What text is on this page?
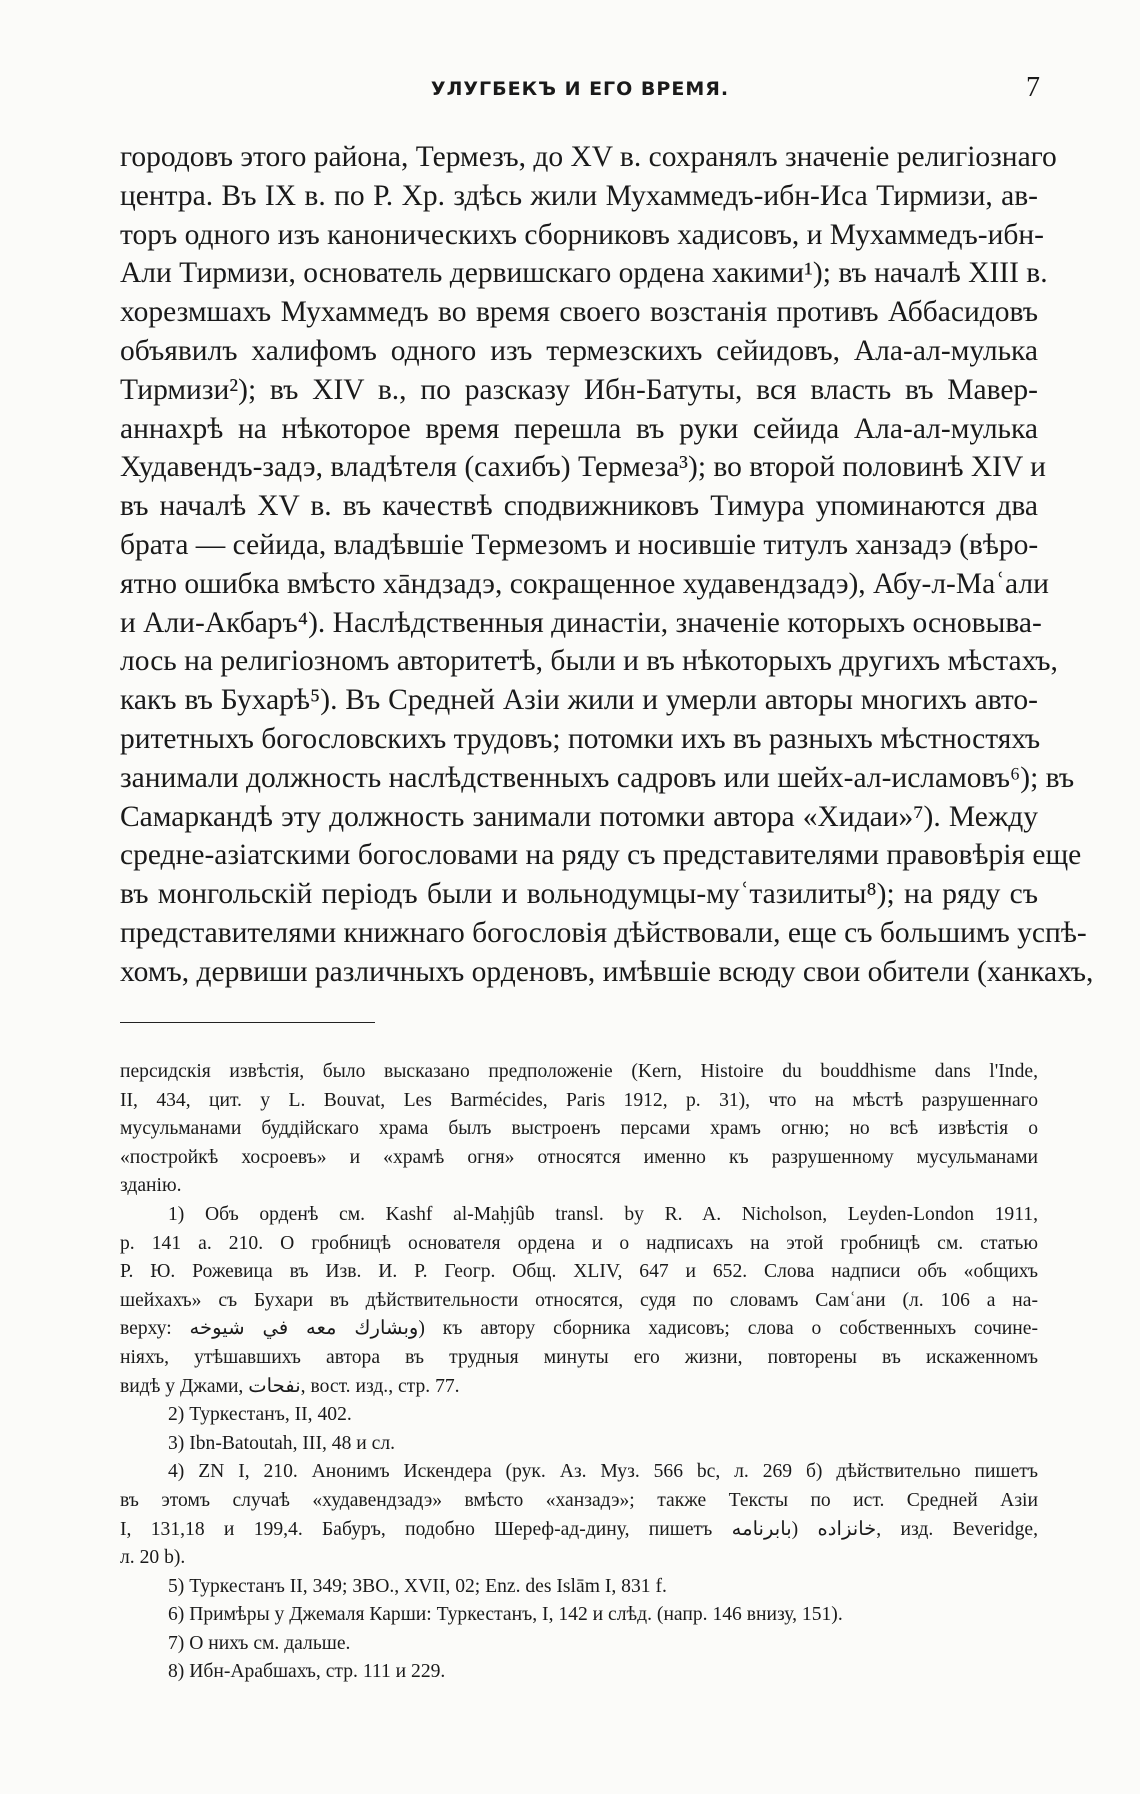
УЛУГБЕКЪ И ЕГО ВРЕМЯ.	7
городовъ этого района, Термезъ, до XV в. сохранялъ значеніе религіознаго
центра. Въ IX в. по Р. Хр. здѣсь жили Мухаммедъ-ибн-Иса Тирмизи, ав-
торъ одного изъ каноническихъ сборниковъ хадисовъ, и Мухаммедъ-ибн-
Али Тирмизи, основатель дервишскаго ордена хакими¹); въ началѣ XIII в.
хорезмшахъ Мухаммедъ во время своего возстанія противъ Аббасидовъ
объявилъ халифомъ одного изъ термезскихъ сейидовъ, Ала-ал-мулька
Тирмизи²); въ XIV в., по разсказу Ибн-Батуты, вся власть въ Мавер-
аннахрѣ на нѣкоторое время перешла въ руки сейида Ала-ал-мулька
Худавендъ-задэ, владѣтеля (сахибъ) Термеза³); во второй половинѣ XIV и
въ началѣ XV в. въ качествѣ сподвижниковъ Тимура упоминаются два
брата — сейида, владѣвшіе Термезомъ и носившіе титулъ ханзадэ (вѣро-
ятно ошибка вмѣсто хāндзадэ, сокращенное худавендзадэ), Абу-л-Маʿали
и Али-Акбаръ⁴). Наслѣдственныя династіи, значеніе которыхъ основыва-
лось на религіозномъ авторитетѣ, были и въ нѣкоторыхъ другихъ мѣстахъ,
какъ въ Бухарѣ⁵). Въ Средней Азіи жили и умерли авторы многихъ авто-
ритетныхъ богословскихъ трудовъ; потомки ихъ въ разныхъ мѣстностяхъ
занимали должность наслѣдственныхъ садровъ или шейх-ал-исламовъ⁶); въ
Самаркандѣ эту должность занимали потомки автора «Хидаи»⁷). Между
средне-азіатскими богословами на ряду съ представителями правовѣрія еще
въ монгольскій періодъ были и вольнодумцы-муʿтазилиты⁸); на ряду съ
представителями книжнаго богословія дѣйствовали, еще съ большимъ успѣ-
хомъ, дервиши различныхъ орденовъ, имѣвшіе всюду свои обители (ханкахъ,
персидскія извѣстія, было высказано предположеніе (Kern, Histoire du bouddhisme dans l'Inde,
II, 434, цит. у L. Bouvat, Les Barmécides, Paris 1912, p. 31), что на мѣстѣ разрушеннаго
мусульманами буддійскаго храма былъ выстроенъ персами храмъ огню; но всѣ извѣстія о
«постройкѣ хосроевъ» и «храмѣ огня» относятся именно къ разрушенному мусульманами
зданію.
1) Объ орденѣ см. Kashf al-Maḥjûb transl. by R. A. Nicholson, Leyden-London 1911,
p. 141 a. 210. О гробницѣ основателя ордена и о надписахъ на этой гробницѣ см. статью
Р. Ю. Рожевица въ Изв. И. Р. Геогр. Общ. XLIV, 647 и 652. Слова надписи объ «общихъ
шейхахъ» съ Бухари въ дѣйствительности относятся, судя по словамъ Самʿани (л. 106 а на-
верху: وبشارك معه في شيوخه) къ автору сборника хадисовъ; слова о собственныхъ сочине-
ніяхъ, утѣшавшихъ автора въ трудныя минуты его жизни, повторены въ искаженномъ
видѣ у Джами, نفحات, вост. изд., стр. 77.
2) Туркестанъ, II, 402.
3) Ibn-Batoutah, III, 48 и сл.
4) ZN I, 210. Анонимъ Искендера (рук. Аз. Муз. 566 bc, л. 269 б) дѣйствительно пишетъ
въ этомъ случаѣ «худавендзадэ» вмѣсто «ханзадэ»; также Тексты по ист. Средней Азіи
I, 131,18 и 199,4. Бабуръ, подобно Шереф-ад-дину, пишетъ خانزاده (بابرنامه, изд. Beveridge,
л. 20 b).
5) Туркестанъ II, 349; ЗВО., XVII, 02; Enz. des Islām I, 831 f.
6) Примѣры у Джемаля Карши: Туркестанъ, I, 142 и слѣд. (напр. 146 внизу, 151).
7) О нихъ см. дальше.
8) Ибн-Арабшахъ, стр. 111 и 229.
